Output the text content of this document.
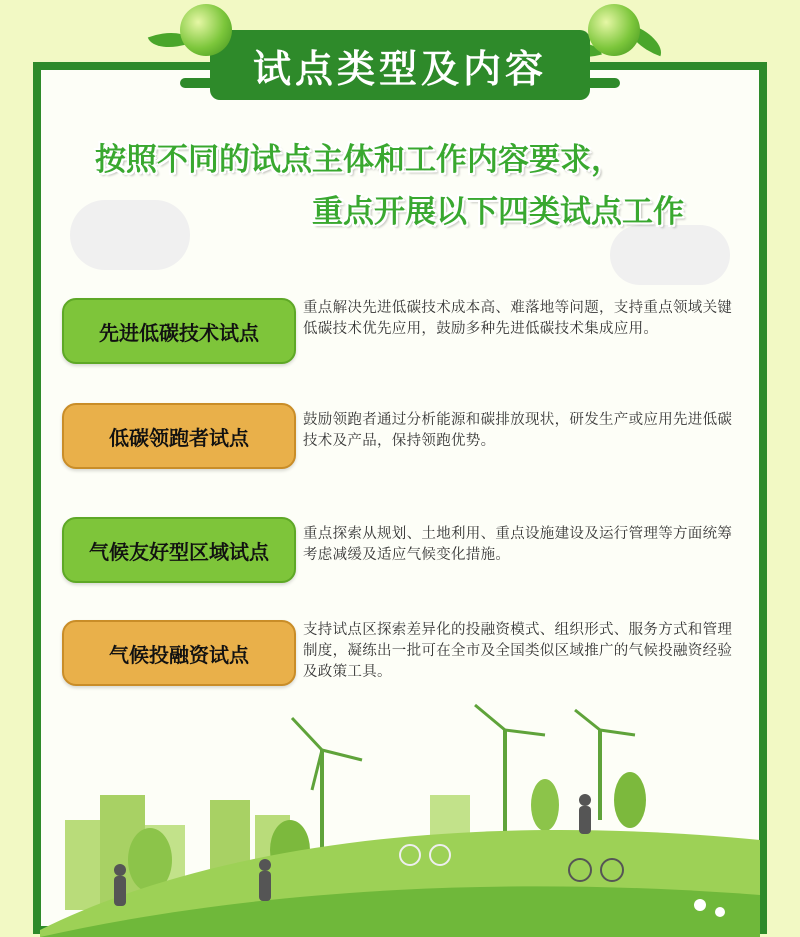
试点类型及内容
按照不同的试点主体和工作内容要求，
重点开展以下四类试点工作
先进低碳技术试点
重点解决先进低碳技术成本高、难落地等问题，支持重点领域关键低碳技术优先应用，鼓励多种先进低碳技术集成应用。
低碳领跑者试点
鼓励领跑者通过分析能源和碳排放现状，研发生产或应用先进低碳技术及产品，保持领跑优势。
气候友好型区域试点
重点探索从规划、土地利用、重点设施建设及运行管理等方面统筹考虑减缓及适应气候变化措施。
气候投融资试点
支持试点区探索差异化的投融资模式、组织形式、服务方式和管理制度，凝练出一批可在全市及全国类似区域推广的气候投融资经验及政策工具。
